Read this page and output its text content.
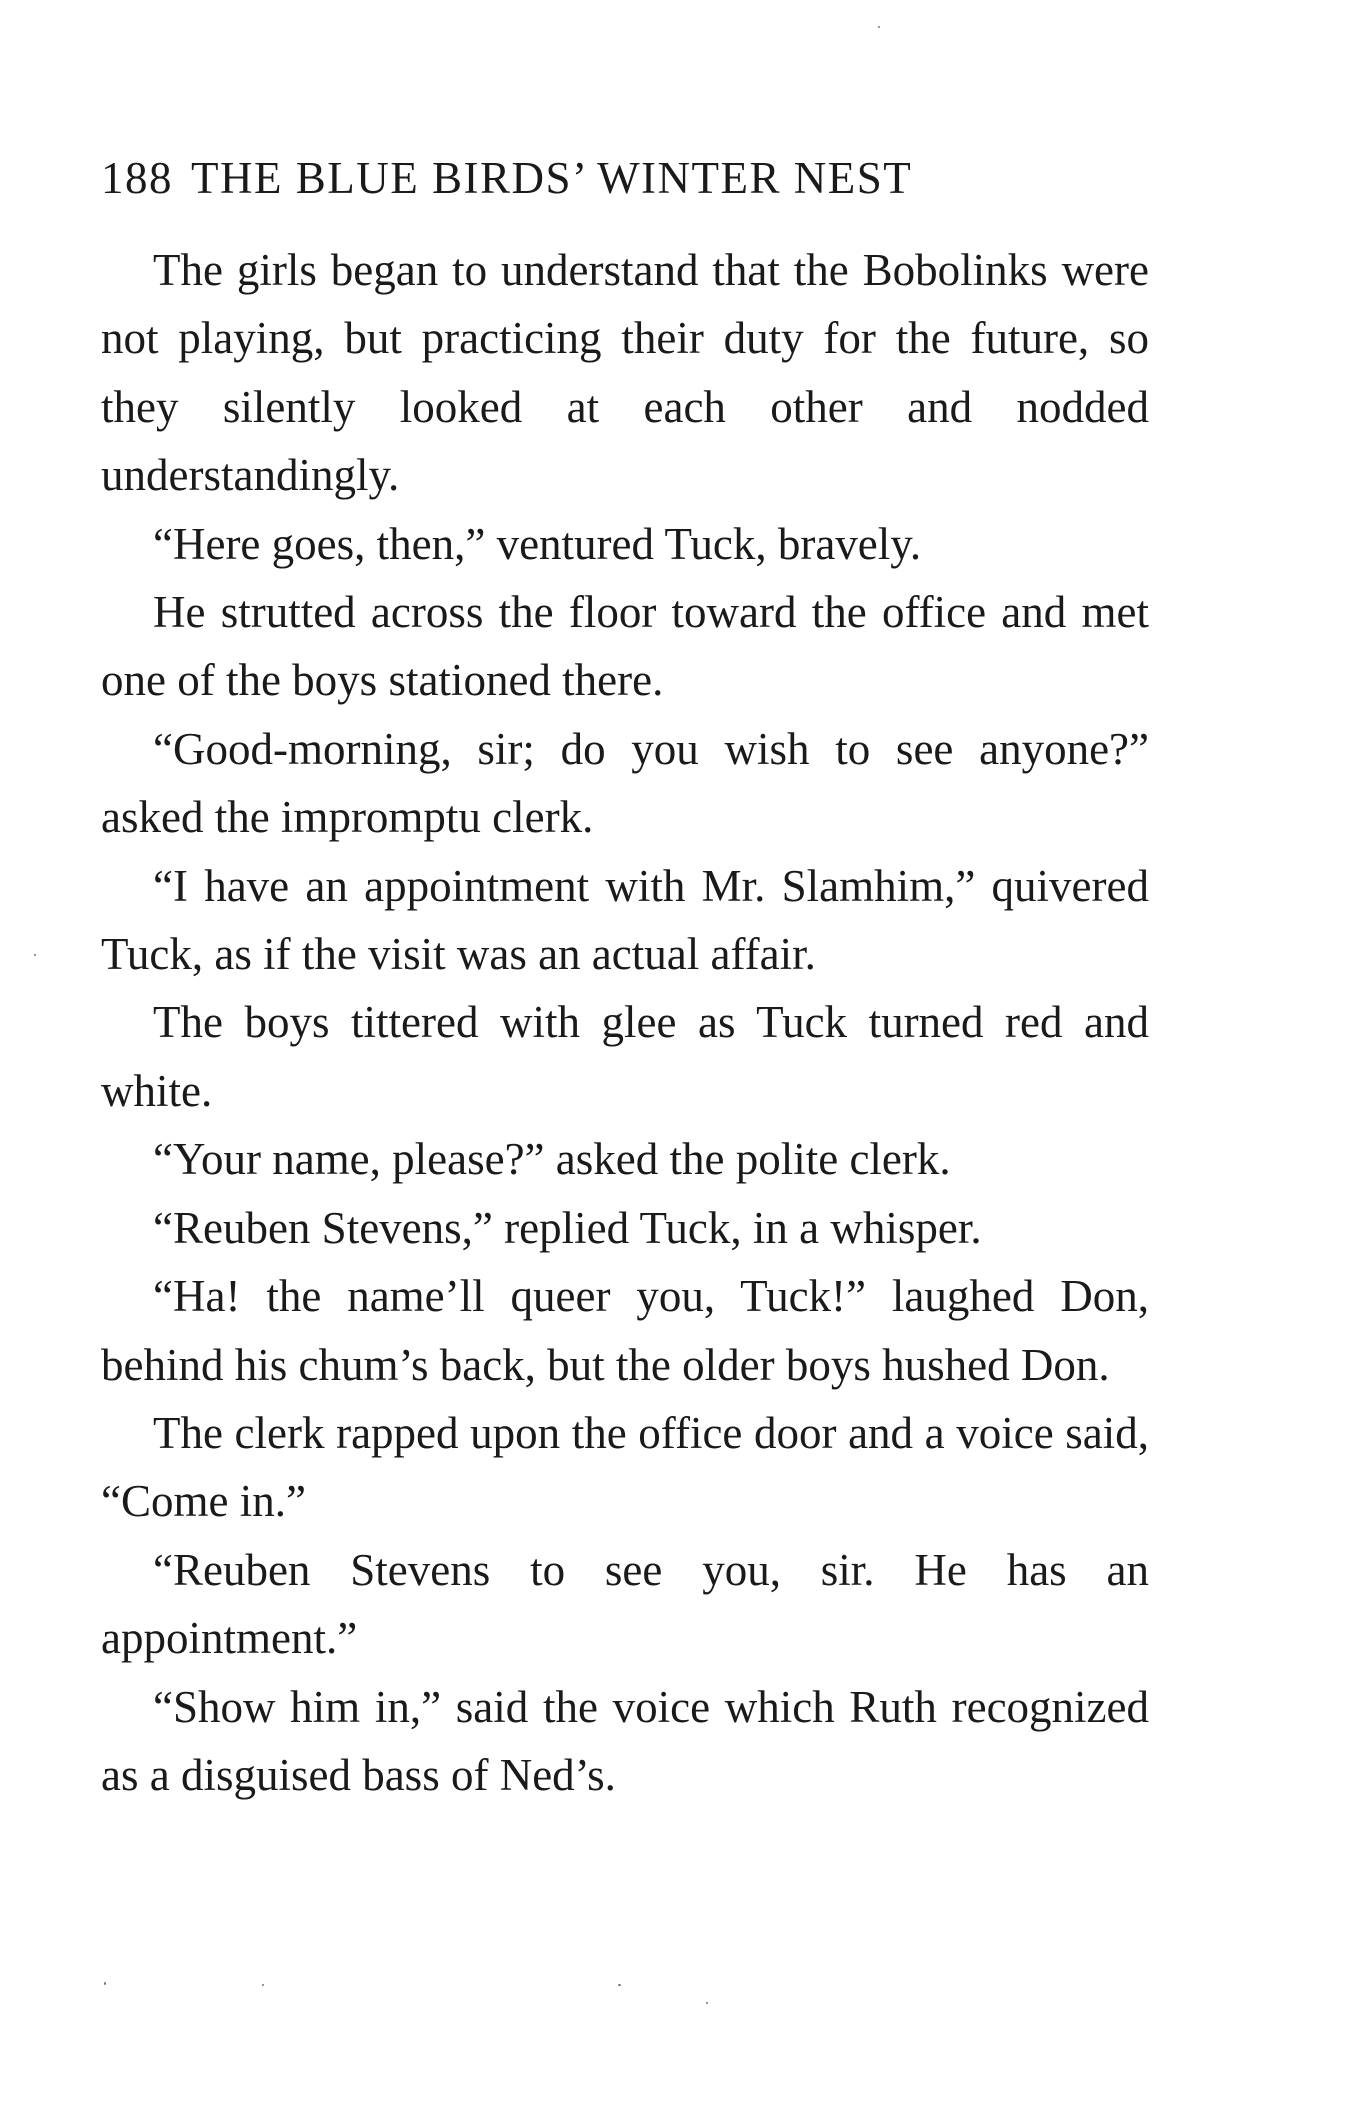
188 THE BLUE BIRDS’ WINTER NEST

The girls began to understand that the Bobolinks were not playing, but practicing their duty for the future, so they silently looked at each other and nodded understandingly.

“Here goes, then,” ventured Tuck, bravely.

He strutted across the floor toward the office and met one of the boys stationed there.

“Good-morning, sir; do you wish to see anyone?” asked the impromptu clerk.

“I have an appointment with Mr. Slamhim,” quivered Tuck, as if the visit was an actual affair.

The boys tittered with glee as Tuck turned red and white.

“Your name, please?” asked the polite clerk.

“Reuben Stevens,” replied Tuck, in a whisper.

“Ha! the name’ll queer you, Tuck!” laughed Don, behind his chum’s back, but the older boys hushed Don.

The clerk rapped upon the office door and a voice said, “Come in.”

“Reuben Stevens to see you, sir. He has an appointment.”

“Show him in,” said the voice which Ruth recognized as a disguised bass of Ned’s.
